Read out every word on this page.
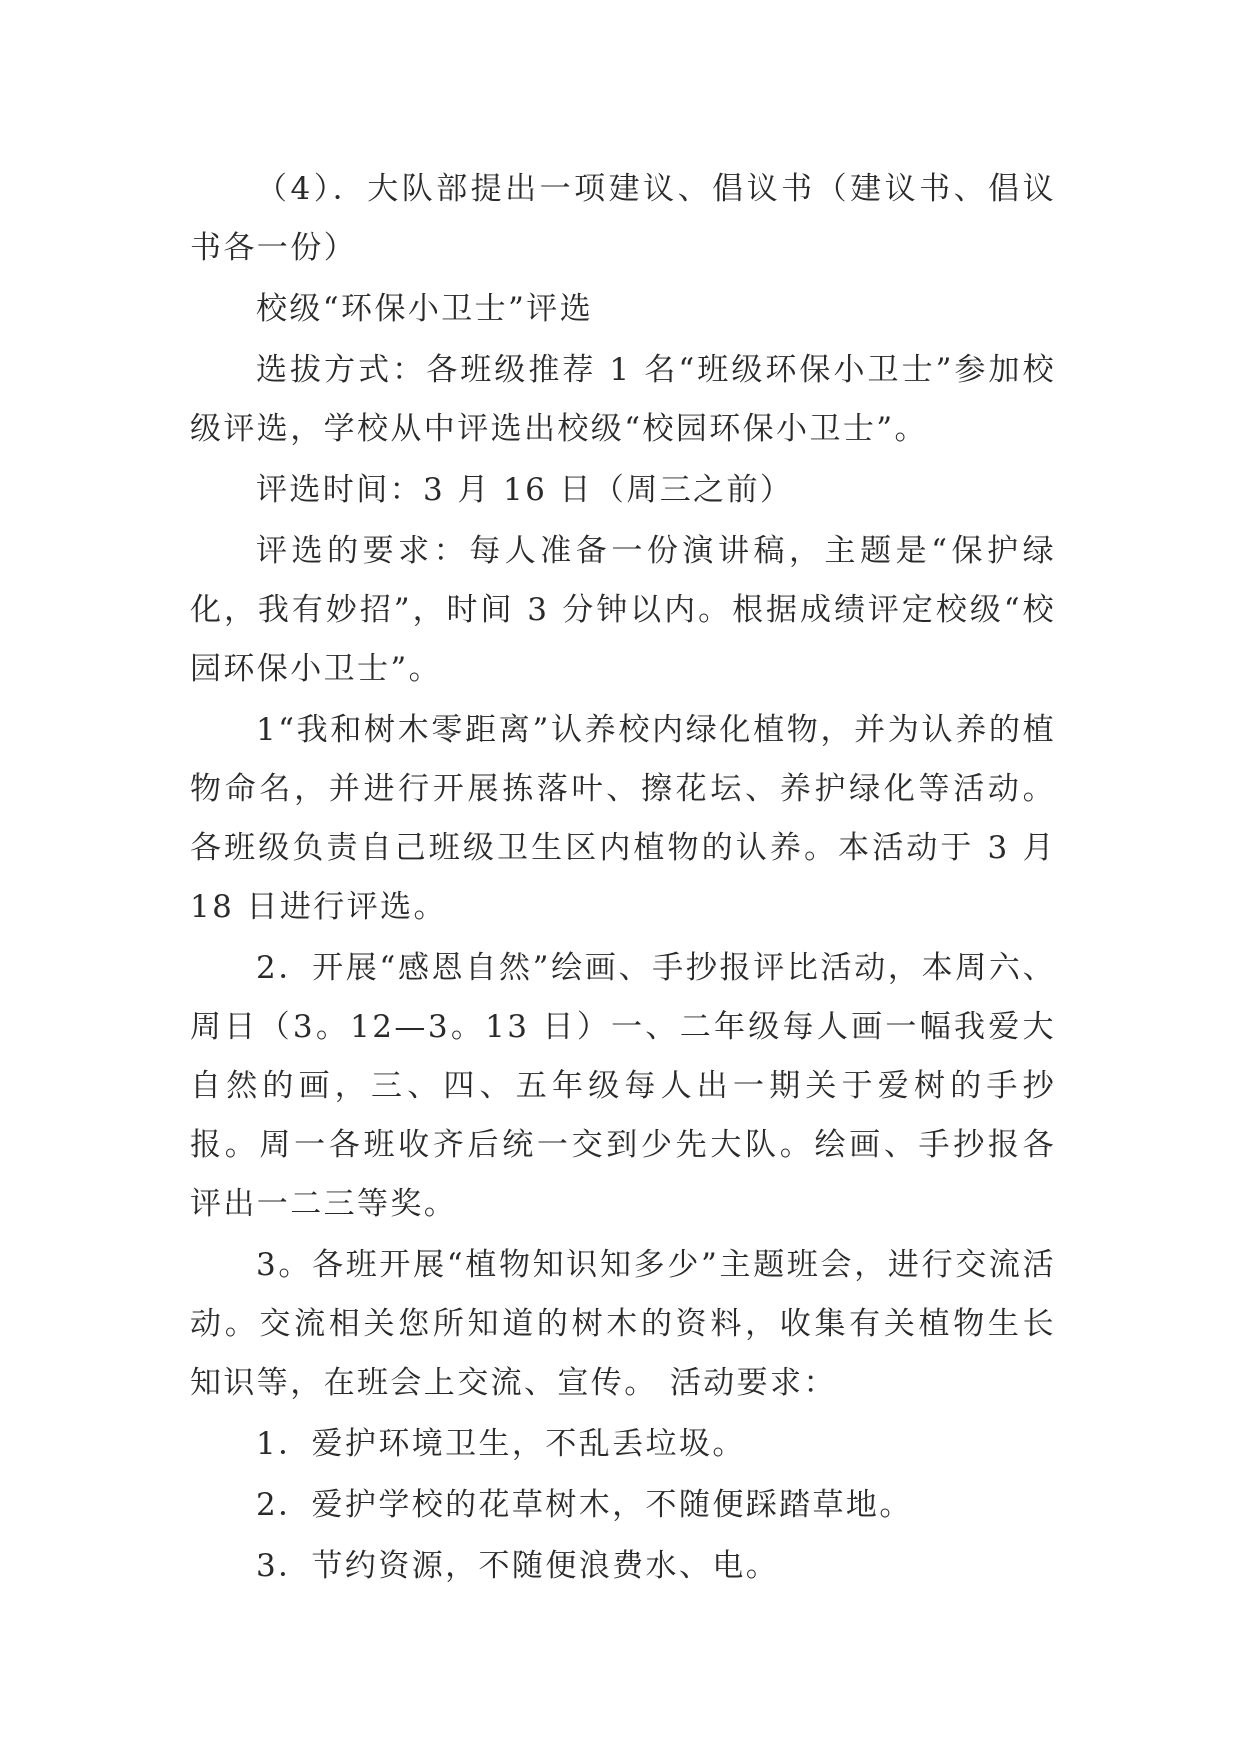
（4）．大队部提出一项建议、倡议书（建议书、倡议书各一份）

校级“环保小卫士”评选

选拔方式：各班级推荐 1 名“班级环保小卫士”参加校级评选，学校从中评选出校级“校园环保小卫士”。

评选时间：3 月 16 日（周三之前）

评选的要求：每人准备一份演讲稿，主题是“保护绿化，我有妙招”，时间 3 分钟以内。根据成绩评定校级“校园环保小卫士”。

1“我和树木零距离”认养校内绿化植物，并为认养的植物命名，并进行开展拣落叶、擦花坛、养护绿化等活动。各班级负责自己班级卫生区内植物的认养。本活动于 3 月 18 日进行评选。

2．开展“感恩自然”绘画、手抄报评比活动，本周六、周日（3。12—3。13 日）一、二年级每人画一幅我爱大自然的画，三、四、五年级每人出一期关于爱树的手抄报。周一各班收齐后统一交到少先大队。绘画、手抄报各评出一二三等奖。

3。各班开展“植物知识知多少”主题班会，进行交流活动。交流相关您所知道的树木的资料，收集有关植物生长知识等，在班会上交流、宣传。 活动要求：

1．爱护环境卫生，不乱丢垃圾。

2．爱护学校的花草树木，不随便踩踏草地。

3．节约资源，不随便浪费水、电。
